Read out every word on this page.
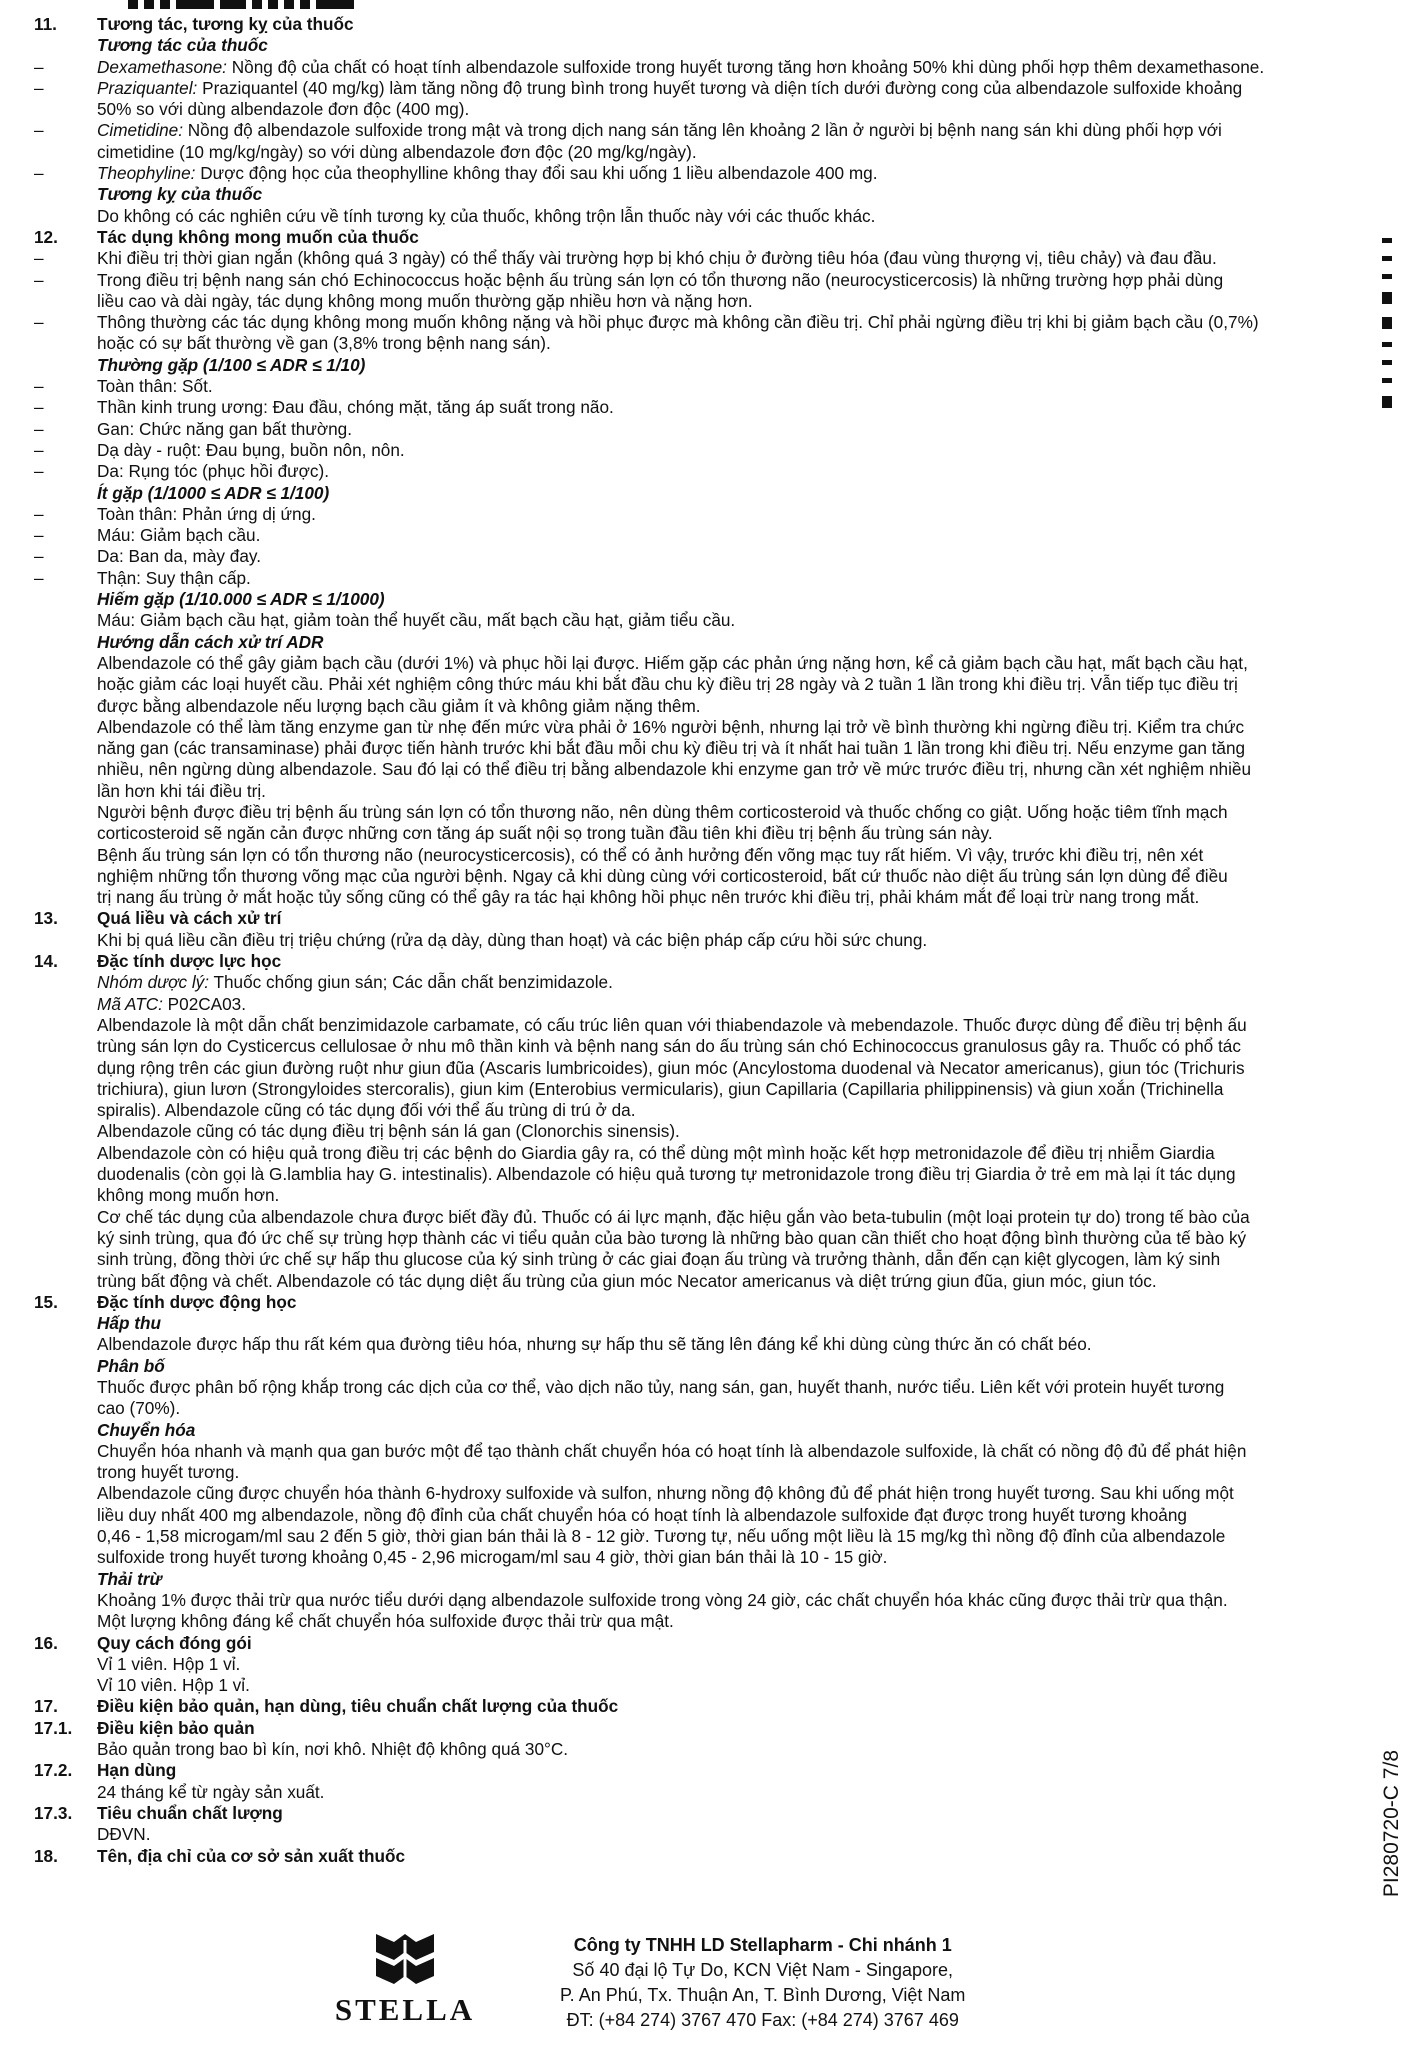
11.	Tương tác, tương kỵ của thuốc
Tương tác của thuốc
–	Dexamethasone: Nồng độ của chất có hoạt tính albendazole sulfoxide trong huyết tương tăng hơn khoảng 50% khi dùng phối hợp thêm dexamethasone.
–	Praziquantel: Praziquantel (40 mg/kg) làm tăng nồng độ trung bình trong huyết tương và diện tích dưới đường cong của albendazole sulfoxide khoảng
50% so với dùng albendazole đơn độc (400 mg).
–	Cimetidine: Nồng độ albendazole sulfoxide trong mật và trong dịch nang sán tăng lên khoảng 2 lần ở người bị bệnh nang sán khi dùng phối hợp với
cimetidine (10 mg/kg/ngày) so với dùng albendazole đơn độc (20 mg/kg/ngày).
–	Theophyline: Dược động học của theophylline không thay đổi sau khi uống 1 liều albendazole 400 mg.
Tương kỵ của thuốc
Do không có các nghiên cứu về tính tương kỵ của thuốc, không trộn lẫn thuốc này với các thuốc khác.
12.	Tác dụng không mong muốn của thuốc
–	Khi điều trị thời gian ngắn (không quá 3 ngày) có thể thấy vài trường hợp bị khó chịu ở đường tiêu hóa (đau vùng thượng vị, tiêu chảy) và đau đầu.
–	Trong điều trị bệnh nang sán chó Echinococcus hoặc bệnh ấu trùng sán lợn có tổn thương não (neurocysticercosis) là những trường hợp phải dùng
liều cao và dài ngày, tác dụng không mong muốn thường gặp nhiều hơn và nặng hơn.
–	Thông thường các tác dụng không mong muốn không nặng và hồi phục được mà không cần điều trị. Chỉ phải ngừng điều trị khi bị giảm bạch cầu (0,7%)
hoặc có sự bất thường về gan (3,8% trong bệnh nang sán).
Thường gặp (1/100 ≤ ADR ≤ 1/10)
–	Toàn thân: Sốt.
–	Thần kinh trung ương: Đau đầu, chóng mặt, tăng áp suất trong não.
–	Gan: Chức năng gan bất thường.
–	Dạ dày - ruột: Đau bụng, buồn nôn, nôn.
–	Da: Rụng tóc (phục hồi được).
Ít gặp (1/1000 ≤ ADR ≤ 1/100)
–	Toàn thân: Phản ứng dị ứng.
–	Máu: Giảm bạch cầu.
–	Da: Ban da, mày đay.
–	Thận: Suy thận cấp.
Hiếm gặp (1/10.000 ≤ ADR ≤ 1/1000)
Máu: Giảm bạch cầu hạt, giảm toàn thể huyết cầu, mất bạch cầu hạt, giảm tiểu cầu.
Hướng dẫn cách xử trí ADR
Albendazole có thể gây giảm bạch cầu (dưới 1%) và phục hồi lại được. Hiếm gặp các phản ứng nặng hơn, kể cả giảm bạch cầu hạt, mất bạch cầu hạt,
hoặc giảm các loại huyết cầu. Phải xét nghiệm công thức máu khi bắt đầu chu kỳ điều trị 28 ngày và 2 tuần 1 lần trong khi điều trị. Vẫn tiếp tục điều trị
được bằng albendazole nếu lượng bạch cầu giảm ít và không giảm nặng thêm.
Albendazole có thể làm tăng enzyme gan từ nhẹ đến mức vừa phải ở 16% người bệnh, nhưng lại trở về bình thường khi ngừng điều trị. Kiểm tra chức
năng gan (các transaminase) phải được tiến hành trước khi bắt đầu mỗi chu kỳ điều trị và ít nhất hai tuần 1 lần trong khi điều trị. Nếu enzyme gan tăng
nhiều, nên ngừng dùng albendazole. Sau đó lại có thể điều trị bằng albendazole khi enzyme gan trở về mức trước điều trị, nhưng cần xét nghiệm nhiều
lần hơn khi tái điều trị.
Người bệnh được điều trị bệnh ấu trùng sán lợn có tổn thương não, nên dùng thêm corticosteroid và thuốc chống co giật. Uống hoặc tiêm tĩnh mạch
corticosteroid sẽ ngăn cản được những cơn tăng áp suất nội sọ trong tuần đầu tiên khi điều trị bệnh ấu trùng sán này.
Bệnh ấu trùng sán lợn có tổn thương não (neurocysticercosis), có thể có ảnh hưởng đến võng mạc tuy rất hiếm. Vì vậy, trước khi điều trị, nên xét
nghiệm những tổn thương võng mạc của người bệnh. Ngay cả khi dùng cùng với corticosteroid, bất cứ thuốc nào diệt ấu trùng sán lợn dùng để điều
trị nang ấu trùng ở mắt hoặc tủy sống cũng có thể gây ra tác hại không hồi phục nên trước khi điều trị, phải khám mắt để loại trừ nang trong mắt.
13.	Quá liều và cách xử trí
Khi bị quá liều cần điều trị triệu chứng (rửa dạ dày, dùng than hoạt) và các biện pháp cấp cứu hồi sức chung.
14.	Đặc tính dược lực học
Nhóm dược lý: Thuốc chống giun sán; Các dẫn chất benzimidazole.
Mã ATC: P02CA03.
Albendazole là một dẫn chất benzimidazole carbamate, có cấu trúc liên quan với thiabendazole và mebendazole. Thuốc được dùng để điều trị bệnh ấu
trùng sán lợn do Cysticercus cellulosae ở nhu mô thần kinh và bệnh nang sán do ấu trùng sán chó Echinococcus granulosus gây ra. Thuốc có phổ tác
dụng rộng trên các giun đường ruột như giun đũa (Ascaris lumbricoides), giun móc (Ancylostoma duodenal và Necator americanus), giun tóc (Trichuris
trichiura), giun lươn (Strongyloides stercoralis), giun kim (Enterobius vermicularis), giun Capillaria (Capillaria philippinensis) và giun xoắn (Trichinella
spiralis). Albendazole cũng có tác dụng đối với thể ấu trùng di trú ở da.
Albendazole cũng có tác dụng điều trị bệnh sán lá gan (Clonorchis sinensis).
Albendazole còn có hiệu quả trong điều trị các bệnh do Giardia gây ra, có thể dùng một mình hoặc kết hợp metronidazole để điều trị nhiễm Giardia
duodenalis (còn gọi là G.lamblia hay G. intestinalis). Albendazole có hiệu quả tương tự metronidazole trong điều trị Giardia ở trẻ em mà lại ít tác dụng
không mong muốn hơn.
Cơ chế tác dụng của albendazole chưa được biết đầy đủ. Thuốc có ái lực mạnh, đặc hiệu gắn vào beta-tubulin (một loại protein tự do) trong tế bào của
ký sinh trùng, qua đó ức chế sự trùng hợp thành các vi tiểu quản của bào tương là những bào quan cần thiết cho hoạt động bình thường của tế bào ký
sinh trùng, đồng thời ức chế sự hấp thu glucose của ký sinh trùng ở các giai đoạn ấu trùng và trưởng thành, dẫn đến cạn kiệt glycogen, làm ký sinh
trùng bất động và chết. Albendazole có tác dụng diệt ấu trùng của giun móc Necator americanus và diệt trứng giun đũa, giun móc, giun tóc.
15.	Đặc tính dược động học
Hấp thu
Albendazole được hấp thu rất kém qua đường tiêu hóa, nhưng sự hấp thu sẽ tăng lên đáng kể khi dùng cùng thức ăn có chất béo.
Phân bố
Thuốc được phân bố rộng khắp trong các dịch của cơ thể, vào dịch não tủy, nang sán, gan, huyết thanh, nước tiểu. Liên kết với protein huyết tương
cao (70%).
Chuyển hóa
Chuyển hóa nhanh và mạnh qua gan bước một để tạo thành chất chuyển hóa có hoạt tính là albendazole sulfoxide, là chất có nồng độ đủ để phát hiện
trong huyết tương.
Albendazole cũng được chuyển hóa thành 6-hydroxy sulfoxide và sulfon, nhưng nồng độ không đủ để phát hiện trong huyết tương. Sau khi uống một
liều duy nhất 400 mg albendazole, nồng độ đỉnh của chất chuyển hóa có hoạt tính là albendazole sulfoxide đạt được trong huyết tương khoảng
0,46 - 1,58 microgam/ml sau 2 đến 5 giờ, thời gian bán thải là 8 - 12 giờ. Tương tự, nếu uống một liều là 15 mg/kg thì nồng độ đỉnh của albendazole
sulfoxide trong huyết tương khoảng 0,45 - 2,96 microgam/ml sau 4 giờ, thời gian bán thải là 10 - 15 giờ.
Thải trừ
Khoảng 1% được thải trừ qua nước tiểu dưới dạng albendazole sulfoxide trong vòng 24 giờ, các chất chuyển hóa khác cũng được thải trừ qua thận.
Một lượng không đáng kể chất chuyển hóa sulfoxide được thải trừ qua mật.
16.	Quy cách đóng gói
Vỉ 1 viên. Hộp 1 vỉ.
Vỉ 10 viên. Hộp 1 vỉ.
17.	Điều kiện bảo quản, hạn dùng, tiêu chuẩn chất lượng của thuốc
17.1.	Điều kiện bảo quản
Bảo quản trong bao bì kín, nơi khô. Nhiệt độ không quá 30°C.
17.2.	Hạn dùng
24 tháng kể từ ngày sản xuất.
17.3.	Tiêu chuẩn chất lượng
DĐVN.
18.	Tên, địa chỉ của cơ sở sản xuất thuốc	PI280720-C 7/8
STELLA
Công ty TNHH LD Stellapharm - Chi nhánh 1
Số 40 đại lộ Tự Do, KCN Việt Nam - Singapore,
P. An Phú, Tx. Thuận An, T. Bình Dương, Việt Nam
ĐT: (+84 274) 3767 470 Fax: (+84 274) 3767 469
